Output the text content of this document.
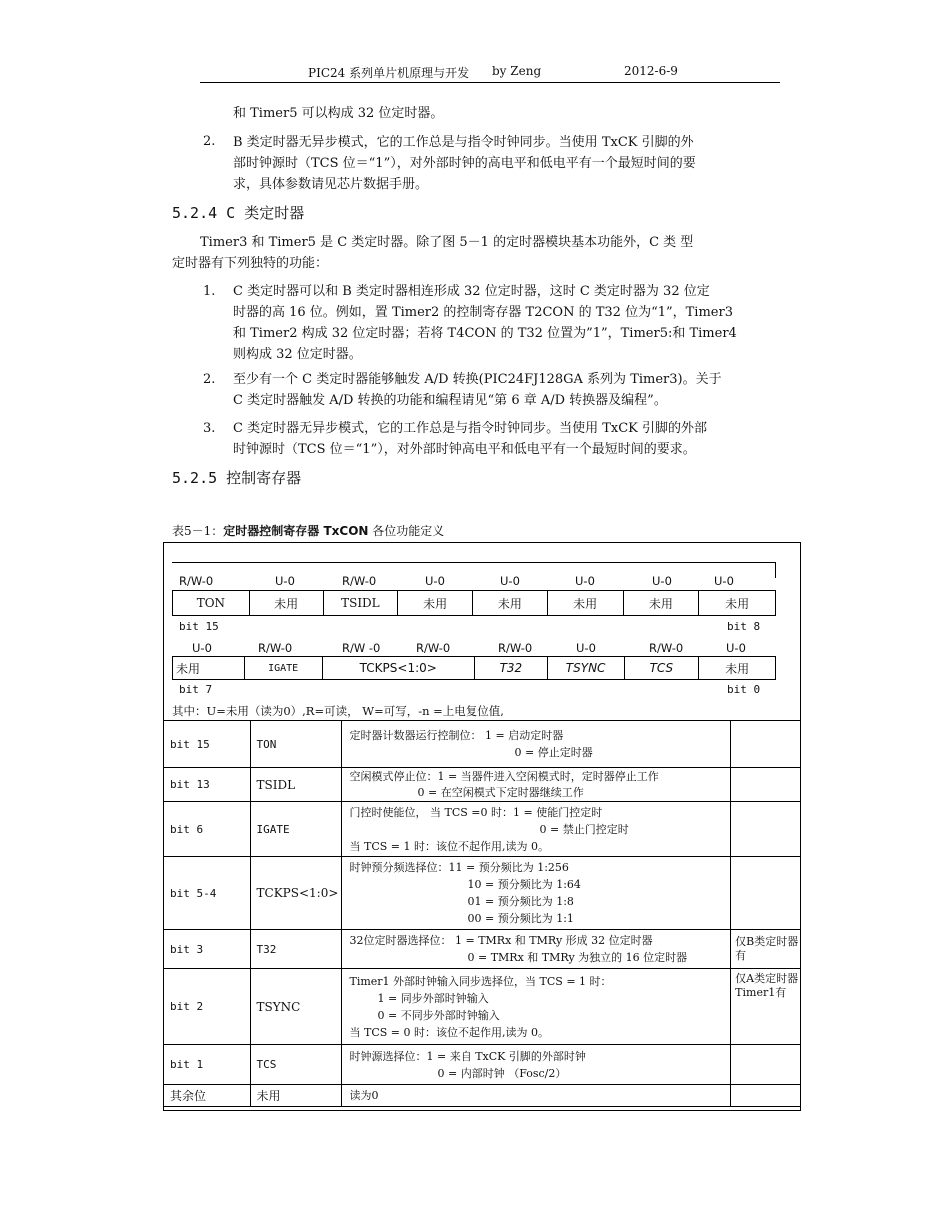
PIC24 系列单片机原理与开发 by Zeng	2012-6-9
和 Timer5 可以构成 32 位定时器。
2. B 类定时器无异步模式，它的工作总是与指令时钟同步。当使用 TxCK 引脚的外
部时钟源时（TCS 位＝“1”），对外部时钟的高电平和低电平有一个最短时间的要
求，具体参数请见芯片数据手册。
5.2.4 C 类定时器
Timer3 和 Timer5 是 C 类定时器。除了图 5－1 的定时器模块基本功能外，C 类 型
定时器有下列独特的功能：
1. C 类定时器可以和 B 类定时器相连形成 32 位定时器，这时 C 类定时器为 32 位定
时器的高 16 位。例如，置 Timer2 的控制寄存器 T2CON 的 T32 位为“1”，Timer3
和 Timer2 构成 32 位定时器；若将 T4CON 的 T32 位置为”1”，Timer5:和 Timer4
则构成 32 位定时器。
2. 至少有一个 C 类定时器能够触发 A/D 转换(PIC24FJ128GA 系列为 Timer3)。关于
C 类定时器触发 A/D 转换的功能和编程请见“第 6 章 A/D 转换器及编程”。
3. C 类定时器无异步模式，它的工作总是与指令时钟同步。当使用 TxCK 引脚的外部
时钟源时（TCS 位＝“1”），对外部时钟高电平和低电平有一个最短时间的要求。
5.2.5 控制寄存器
表5－1：定时器控制寄存器 TxCON 各位功能定义
R/W-0	U-0	R/W-0	U-0	U-0	U-0	U-0	U-0
TON	未用	TSIDL	未用	未用	未用	未用	未用
bit 15	bit 8
U-0	R/W-0	R/W -0	R/W-0	R/W-0	U-0	R/W-0	U-0
未用	IGATE	TCKPS<1:0>	T32	TSYNC	TCS	未用
bit 7	bit 0
其中：U=未用（读为0）,R=可读， W=可写，-n =上电复位值,
bit 15	TON	定时器计数器运行控制位： 1 = 启动定时器
0 = 停止定时器	

bit 13	TSIDL	空闲模式停止位：1 = 当器件进入空闲模式时，定时器停止工作
0 = 在空闲模式下定时器继续工作	

bit 6	IGATE	门控时使能位， 当 TCS =0 时：1 = 使能门控定时
0 = 禁止门控定时
当 TCS = 1 时：该位不起作用,读为 0。	

bit 5-4	TCKPS<1:0>	时钟预分频选择位：11 = 预分频比为 1:256
10 = 预分频比为 1:64
01 = 预分频比为 1:8
00 = 预分频比为 1:1	

bit 3	T32	32位定时器选择位： 1 = TMRx 和 TMRy 形成 32 位定时器
0 = TMRx 和 TMRy 为独立的 16 位定时器	仅B类定时器有
bit 2	TSYNC	Timer1 外部时钟输入同步选择位，当 TCS = 1 时：
1 = 同步外部时钟输入
0 = 不同步外部时钟输入
当 TCS = 0 时：该位不起作用,读为 0。	仅A类定时器Timer1有
bit 1	TCS	时钟源选择位：1 = 来自 TxCK 引脚的外部时钟
0 = 内部时钟 （Fosc/2）	

其余位	未用	读为0	
